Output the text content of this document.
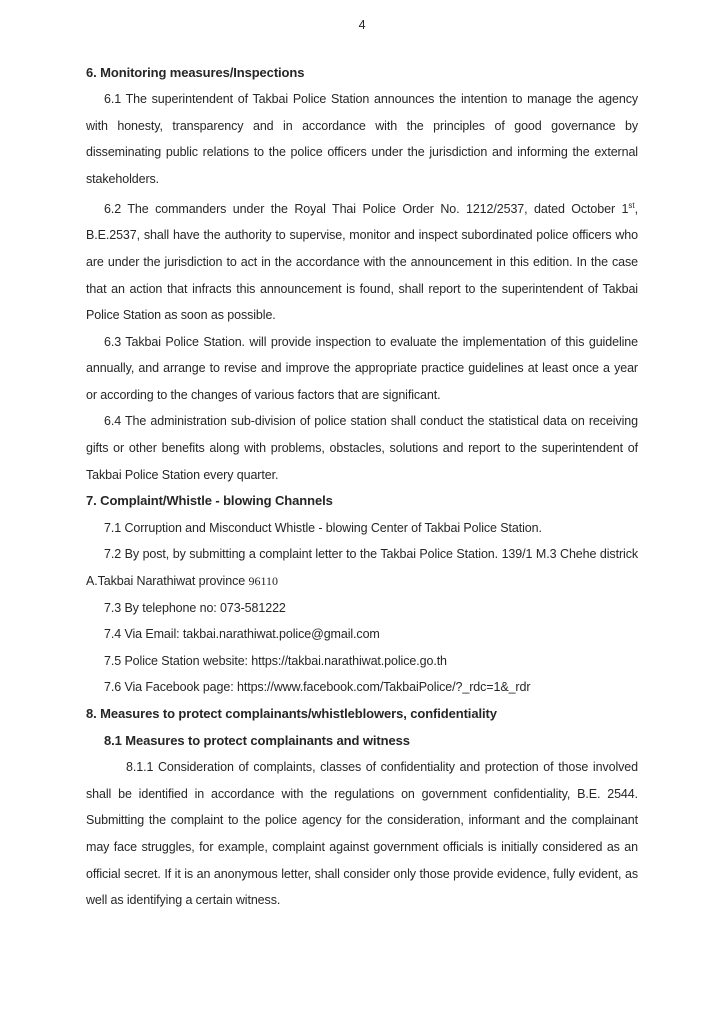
4
6. Monitoring measures/Inspections
6.1 The superintendent of Takbai Police Station announces the intention to manage the agency with honesty, transparency and in accordance with the principles of good governance by disseminating public relations to the police officers under the jurisdiction and informing the external stakeholders.
6.2 The commanders under the Royal Thai Police Order No. 1212/2537, dated October 1st, B.E.2537, shall have the authority to supervise, monitor and inspect subordinated police officers who are under the jurisdiction to act in the accordance with the announcement in this edition. In the case that an action that infracts this announcement is found, shall report to the superintendent of Takbai Police Station as soon as possible.
6.3 Takbai Police Station. will provide inspection to evaluate the implementation of this guideline annually, and arrange to revise and improve the appropriate practice guidelines at least once a year or according to the changes of various factors that are significant.
6.4 The administration sub-division of police station shall conduct the statistical data on receiving gifts or other benefits along with problems, obstacles, solutions and report to the superintendent of Takbai Police Station every quarter.
7. Complaint/Whistle - blowing Channels
7.1 Corruption and Misconduct Whistle - blowing Center of Takbai Police Station.
7.2 By post, by submitting a complaint letter to the Takbai Police Station. 139/1 M.3 Chehe districk A.Takbai Narathiwat province 96110
7.3 By telephone no: 073-581222
7.4 Via Email: takbai.narathiwat.police@gmail.com
7.5 Police Station website: https://takbai.narathiwat.police.go.th
7.6 Via Facebook page: https://www.facebook.com/TakbaiPolice/?_rdc=1&_rdr
8. Measures to protect complainants/whistleblowers, confidentiality
8.1 Measures to protect complainants and witness
8.1.1 Consideration of complaints, classes of confidentiality and protection of those involved shall be identified in accordance with the regulations on government confidentiality, B.E. 2544. Submitting the complaint to the police agency for the consideration, informant and the complainant may face struggles, for example, complaint against government officials is initially considered as an official secret. If it is an anonymous letter, shall consider only those provide evidence, fully evident, as well as identifying a certain witness.
